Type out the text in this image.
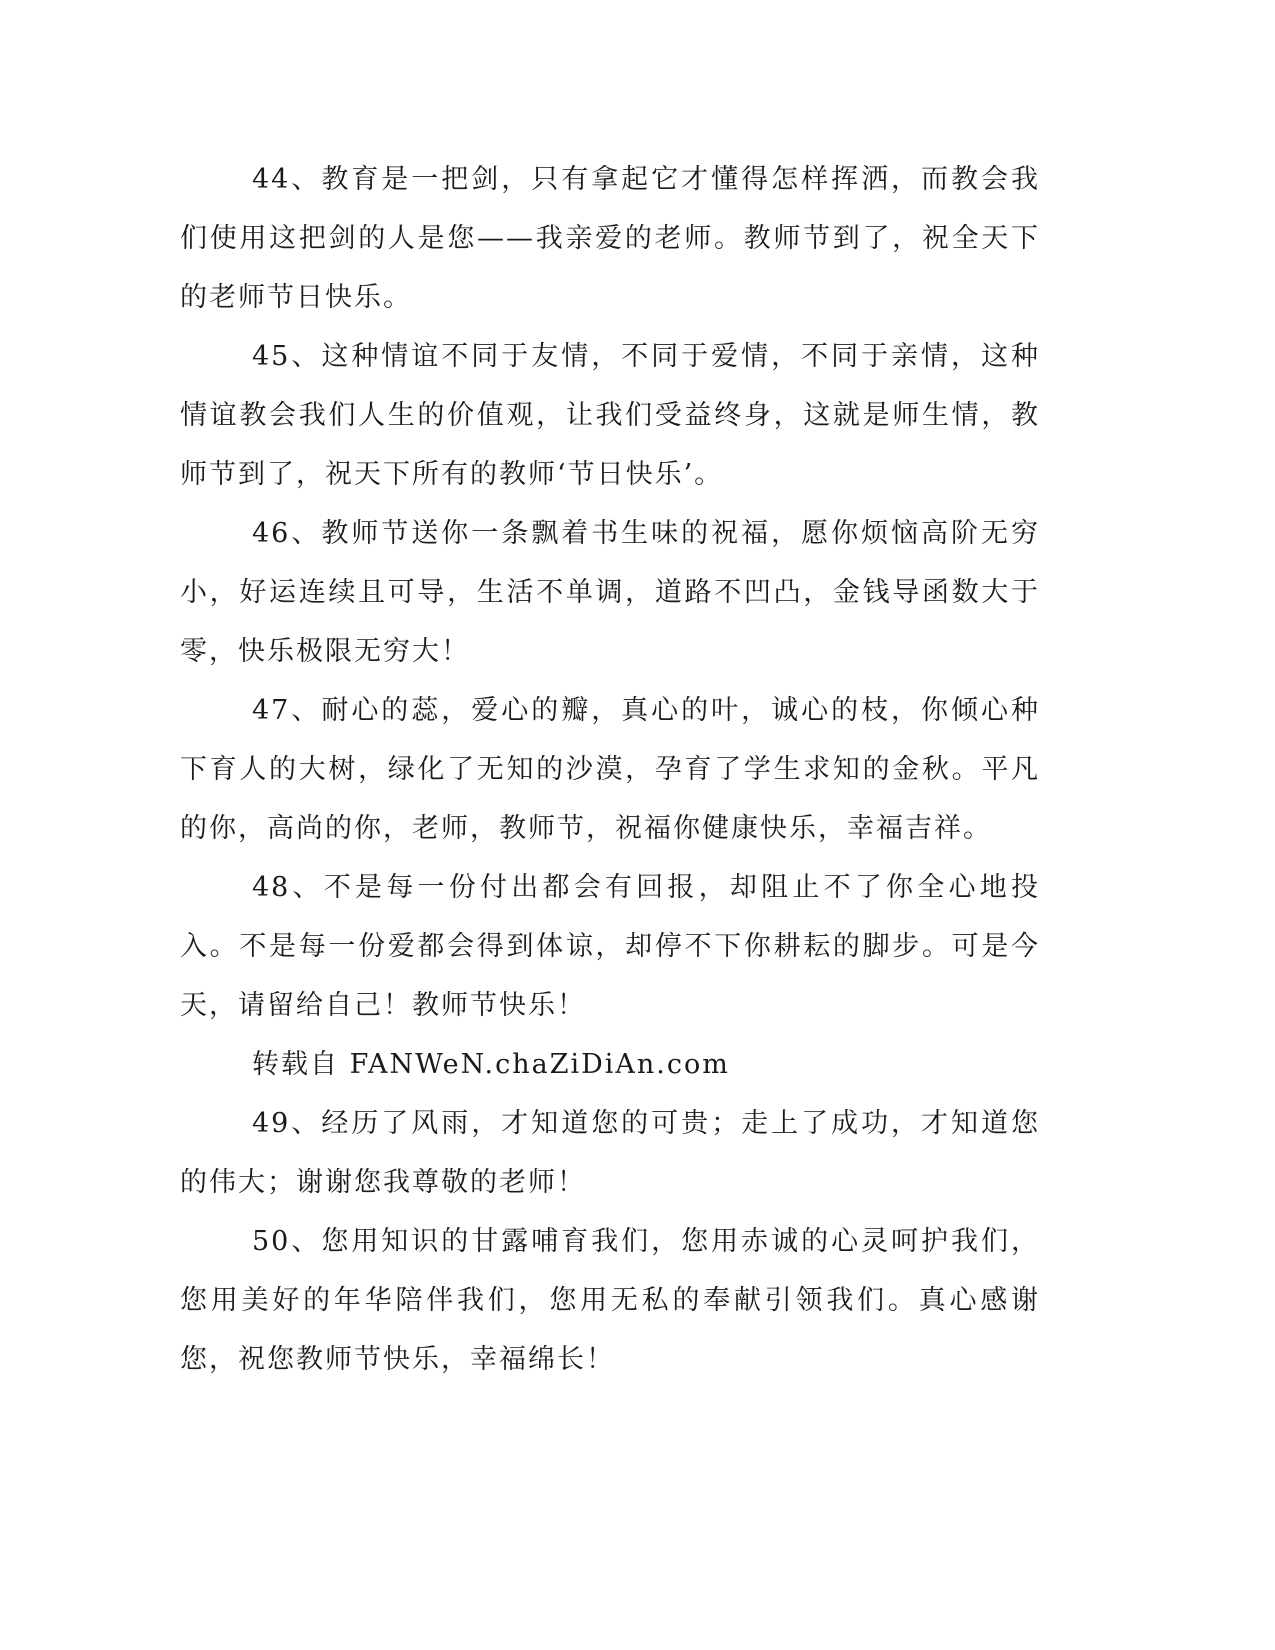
44、教育是一把剑，只有拿起它才懂得怎样挥洒，而教会我们使用这把剑的人是您——我亲爱的老师。教师节到了，祝全天下的老师节日快乐。

45、这种情谊不同于友情，不同于爱情，不同于亲情，这种情谊教会我们人生的价值观，让我们受益终身，这就是师生情，教师节到了，祝天下所有的教师‘节日快乐’。

46、教师节送你一条飘着书生味的祝福，愿你烦恼高阶无穷小，好运连续且可导，生活不单调，道路不凹凸，金钱导函数大于零，快乐极限无穷大！

47、耐心的蕊，爱心的瓣，真心的叶，诚心的枝，你倾心种下育人的大树，绿化了无知的沙漠，孕育了学生求知的金秋。平凡的你，高尚的你，老师，教师节，祝福你健康快乐，幸福吉祥。

48、不是每一份付出都会有回报，却阻止不了你全心地投入。不是每一份爱都会得到体谅，却停不下你耕耘的脚步。可是今天，请留给自己！教师节快乐！

转载自 FANWeN.chaZiDiAn.com

49、经历了风雨，才知道您的可贵；走上了成功，才知道您的伟大；谢谢您我尊敬的老师！

50、您用知识的甘露哺育我们，您用赤诚的心灵呵护我们，您用美好的年华陪伴我们，您用无私的奉献引领我们。真心感谢您，祝您教师节快乐，幸福绵长！
